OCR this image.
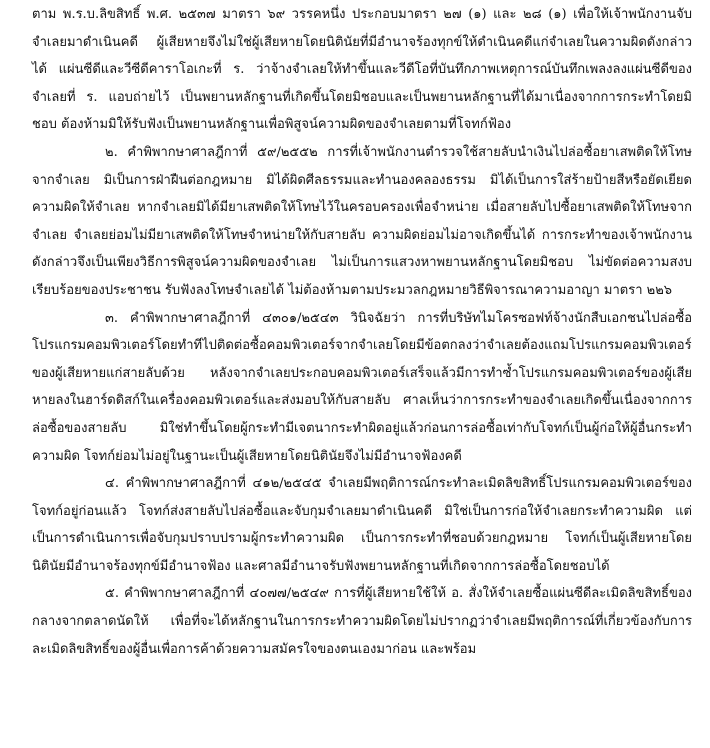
ตาม พ.ร.บ.ลิขสิทธิ์ พ.ศ. ๒๕๓๗ มาตรา ๖๙ วรรคหนึ่ง ประกอบมาตรา ๒๗ (๑) และ ๒๘ (๑) เพื่อให้เจ้าพนักงานจับจำเลยมาดำเนินคดี ผู้เสียหายจึงไม่ใช่ผู้เสียหายโดยนิตินัยที่มีอำนาจร้องทุกข์ให้ดำเนินคดีแก่จำเลยในความผิดดังกล่าวได้ แผ่นซีดีและวีซีดีคาราโอเกะที่ ร. ว่าจ้างจำเลยให้ทำขึ้นและวีดีโอที่บันทึกภาพเหตุการณ์บันทึกเพลงลงแผ่นซีดีของจำเลยที่ ร. แอบถ่ายไว้ เป็นพยานหลักฐานที่เกิดขึ้นโดยมิชอบและเป็นพยานหลักฐานที่ได้มาเนื่องจากการกระทำโดยมิชอบ ต้องห้ามมิให้รับฟังเป็นพยานหลักฐานเพื่อพิสูจน์ความผิดของจำเลยตามที่โจทก์ฟ้อง

๒. คำพิพากษาศาลฎีกาที่ ๕๙/๒๕๕๒ การที่เจ้าพนักงานตำรวจใช้สายลับนำเงินไปล่อซื้อยาเสพติดให้โทษจากจำเลย มิเป็นการฝ่าฝืนต่อกฎหมาย มิได้ผิดศีลธรรมและทำนองคลองธรรม มิได้เป็นการใส่ร้ายป้ายสีหรือยัดเยียดความผิดให้จำเลย หากจำเลยมิได้มียาเสพติดให้โทษไว้ในครอบครองเพื่อจำหน่าย เมื่อสายลับไปซื้อยาเสพติดให้โทษจากจำเลย จำเลยย่อมไม่มียาเสพติดให้โทษจำหน่ายให้กับสายลับ ความผิดย่อมไม่อาจเกิดขึ้นได้ การกระทำของเจ้าพนักงานดังกล่าวจึงเป็นเพียงวิธีการพิสูจน์ความผิดของจำเลย ไม่เป็นการแสวงหาพยานหลักฐานโดยมิชอบ ไม่ขัดต่อความสงบเรียบร้อยของประชาชน รับฟังลงโทษจำเลยได้ ไม่ต้องห้ามตามประมวลกฎหมายวิธีพิจารณาความอาญา มาตรา ๒๒๖

๓. คำพิพากษาศาลฎีกาที่ ๔๓๐๑/๒๕๔๓ วินิจฉัยว่า การที่บริษัทไมโครซอฟท์จ้างนักสืบเอกชนไปล่อซื้อโปรแกรมคอมพิวเตอร์โดยทำทีไปติดต่อซื้อคอมพิวเตอร์จากจำเลยโดยมีข้อตกลงว่าจำเลยต้องแถมโปรแกรมคอมพิวเตอร์ของผู้เสียหายแก่สายลับด้วย หลังจากจำเลยประกอบคอมพิวเตอร์เสร็จแล้วมีการทำซ้ำโปรแกรมคอมพิวเตอร์ของผู้เสียหายลงในฮาร์ดดิสก์ในเครื่องคอมพิวเตอร์และส่งมอบให้กับสายลับ ศาลเห็นว่าการกระทำของจำเลยเกิดขึ้นเนื่องจากการล่อซื้อของสายลับ มิใช่ทำขึ้นโดยผู้กระทำมีเจตนากระทำผิดอยู่แล้วก่อนการล่อซื้อเท่ากับโจทก์เป็นผู้ก่อให้ผู้อื่นกระทำความผิด โจทก์ย่อมไม่อยู่ในฐานะเป็นผู้เสียหายโดยนิตินัยจึงไม่มีอำนาจฟ้องคดี

๔. คำพิพากษาศาลฎีกาที่ ๔๑๒/๒๕๔๕ จำเลยมีพฤติการณ์กระทำละเมิดลิขสิทธิ์โปรแกรมคอมพิวเตอร์ของโจทก์อยู่ก่อนแล้ว โจทก์ส่งสายลับไปล่อซื้อและจับกุมจำเลยมาดำเนินคดี มิใช่เป็นการก่อให้จำเลยกระทำความผิด แต่เป็นการดำเนินการเพื่อจับกุมปราบปรามผู้กระทำความผิด เป็นการกระทำที่ชอบด้วยกฎหมาย โจทก์เป็นผู้เสียหายโดยนิตินัยมีอำนาจร้องทุกข์มีอำนาจฟ้อง และศาลมีอำนาจรับฟังพยานหลักฐานที่เกิดจากการล่อซื้อโดยชอบได้

๕. คำพิพากษาศาลฎีกาที่ ๔๐๗๗/๒๕๔๙ การที่ผู้เสียหายใช้ให้ อ. สั่งให้จำเลยซื้อแผ่นซีดีละเมิดลิขสิทธิ์ของกลางจากตลาดนัดให้ เพื่อที่จะได้หลักฐานในการกระทำความผิดโดยไม่ปรากฏว่าจำเลยมีพฤติการณ์ที่เกี่ยวข้องกับการละเมิดลิขสิทธิ์ของผู้อื่นเพื่อการค้าด้วยความสมัครใจของตนเองมาก่อน และพร้อม
